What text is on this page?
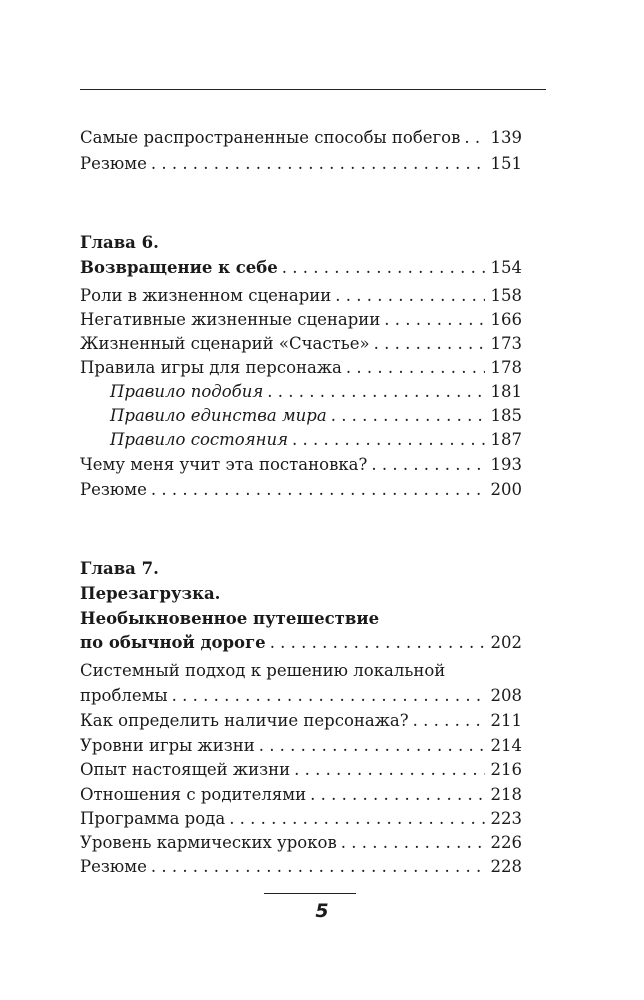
Самые распространенные способы побегов . . . 139
Резюме . . .	151
Глава 6.
Возвращение к себе . . .	154
Роли в жизненном сценарии . . .	158
Негативные жизненные сценарии . . .	166
Жизненный сценарий «Счастье» . . .	173
Правила игры для персонажа . . .	178
Правило подобия . . .	181
Правило единства мира . . .	185
Правило состояния . . .	187
Чему меня учит эта постановка? . . .	193
Резюме . . .	200
Глава 7.
Перезагрузка.
Необыкновенное путешествие
по обычной дороге . . .	202
Системный подход к решению локальной
проблемы . . .	208
Как определить наличие персонажа? . . .	211
Уровни игры жизни . . .	214
Опыт настоящей жизни . . .	216
Отношения с родителями . . .	218
Программа рода . . .	223
Уровень кармических уроков . . .	226
Резюме . . .	228
5
